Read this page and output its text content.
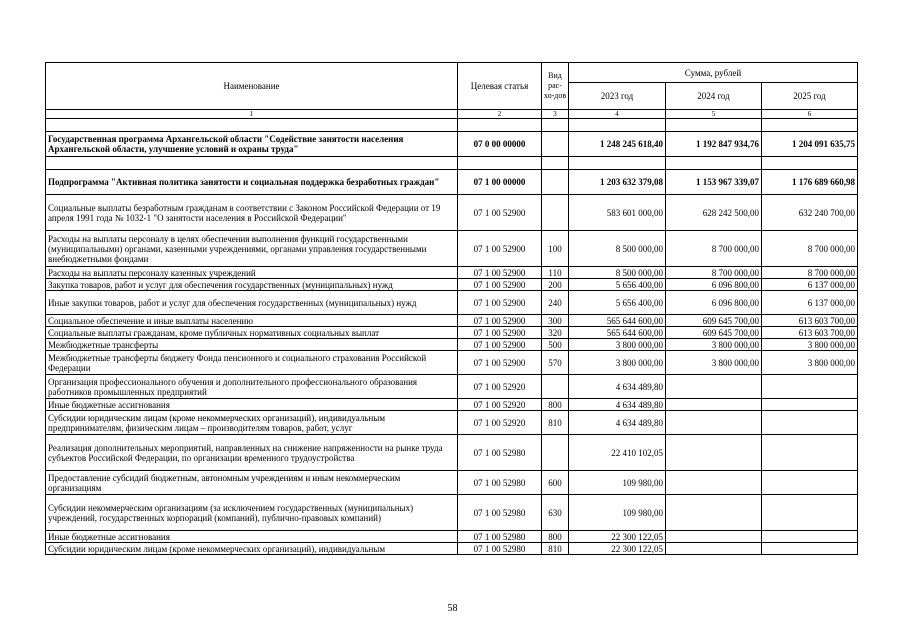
Наименование	Целевая статья	Вид рас-хо-дов	Сумма, рублей		
			2023 год	2024 год	2025 год
1	2	3	4	5	6

Государственная программа Архангельской области "Содействие занятости населения Архангельской области, улучшение условий и охраны труда"	07 0 00 00000		1 248 245 618,40	1 192 847 934,76	1 204 091 635,75

Подпрограмма "Активная политика занятости и социальная поддержка безработных граждан"	07 1 00 00000		1 203 632 379,08	1 153 967 339,07	1 176 689 660,98

Социальные выплаты безработным гражданам в соответствии с Законом Российской Федерации от 19 апреля 1991 года № 1032-1 "О занятости населения в Российской Федерации"	07 1 00 52900		583 601 000,00	628 242 500,00	632 240 700,00

Расходы на выплаты персоналу в целях обеспечения выполнения функций государственными (муниципальными) органами, казенными учреждениями, органами управления государственными внебюджетными фондами	07 1 00 52900	100	8 500 000,00	8 700 000,00	8 700 000,00

Расходы на выплаты персоналу казенных учреждений	07 1 00 52900	110	8 500 000,00	8 700 000,00	8 700 000,00

Закупка товаров, работ и услуг для обеспечения государственных (муниципальных) нужд	07 1 00 52900	200	5 656 400,00	6 096 800,00	6 137 000,00

Иные закупки товаров, работ и услуг для обеспечения государственных (муниципальных) нужд	07 1 00 52900	240	5 656 400,00	6 096 800,00	6 137 000,00

Социальное обеспечение и иные выплаты населению	07 1 00 52900	300	565 644 600,00	609 645 700,00	613 603 700,00

Социальные выплаты гражданам, кроме публичных нормативных социальных выплат	07 1 00 52900	320	565 644 600,00	609 645 700,00	613 603 700,00

Межбюджетные трансферты	07 1 00 52900	500	3 800 000,00	3 800 000,00	3 800 000,00

Межбюджетные трансферты бюджету Фонда пенсионного и социального страхования Российской Федерации	07 1 00 52900	570	3 800 000,00	3 800 000,00	3 800 000,00

Организация профессионального обучения и дополнительного профессионального образования работников промышленных предприятий	07 1 00 52920		4 634 489,80		

Иные бюджетные ассигнования	07 1 00 52920	800	4 634 489,80		

Субсидии юридическим лицам (кроме некоммерческих организаций), индивидуальным предпринимателям, физическим лицам – производителям товаров, работ, услуг	07 1 00 52920	810	4 634 489,80		

Реализация дополнительных мероприятий, направленных на снижение напряженности на рынке труда субъектов Российской Федерации, по организации временного трудоустройства	07 1 00 52980		22 410 102,05		

Предоставление субсидий бюджетным, автономным учреждениям и иным некоммерческим организациям	07 1 00 52980	600	109 980,00		

Субсидии некоммерческим организациям (за исключением государственных (муниципальных) учреждений, государственных корпораций (компаний), публично-правовых компаний)	07 1 00 52980	630	109 980,00		

Иные бюджетные ассигнования	07 1 00 52980	800	22 300 122,05		

Субсидии юридическим лицам (кроме некоммерческих организаций), индивидуальным	07 1 00 52980	810	22 300 122,05		
58
